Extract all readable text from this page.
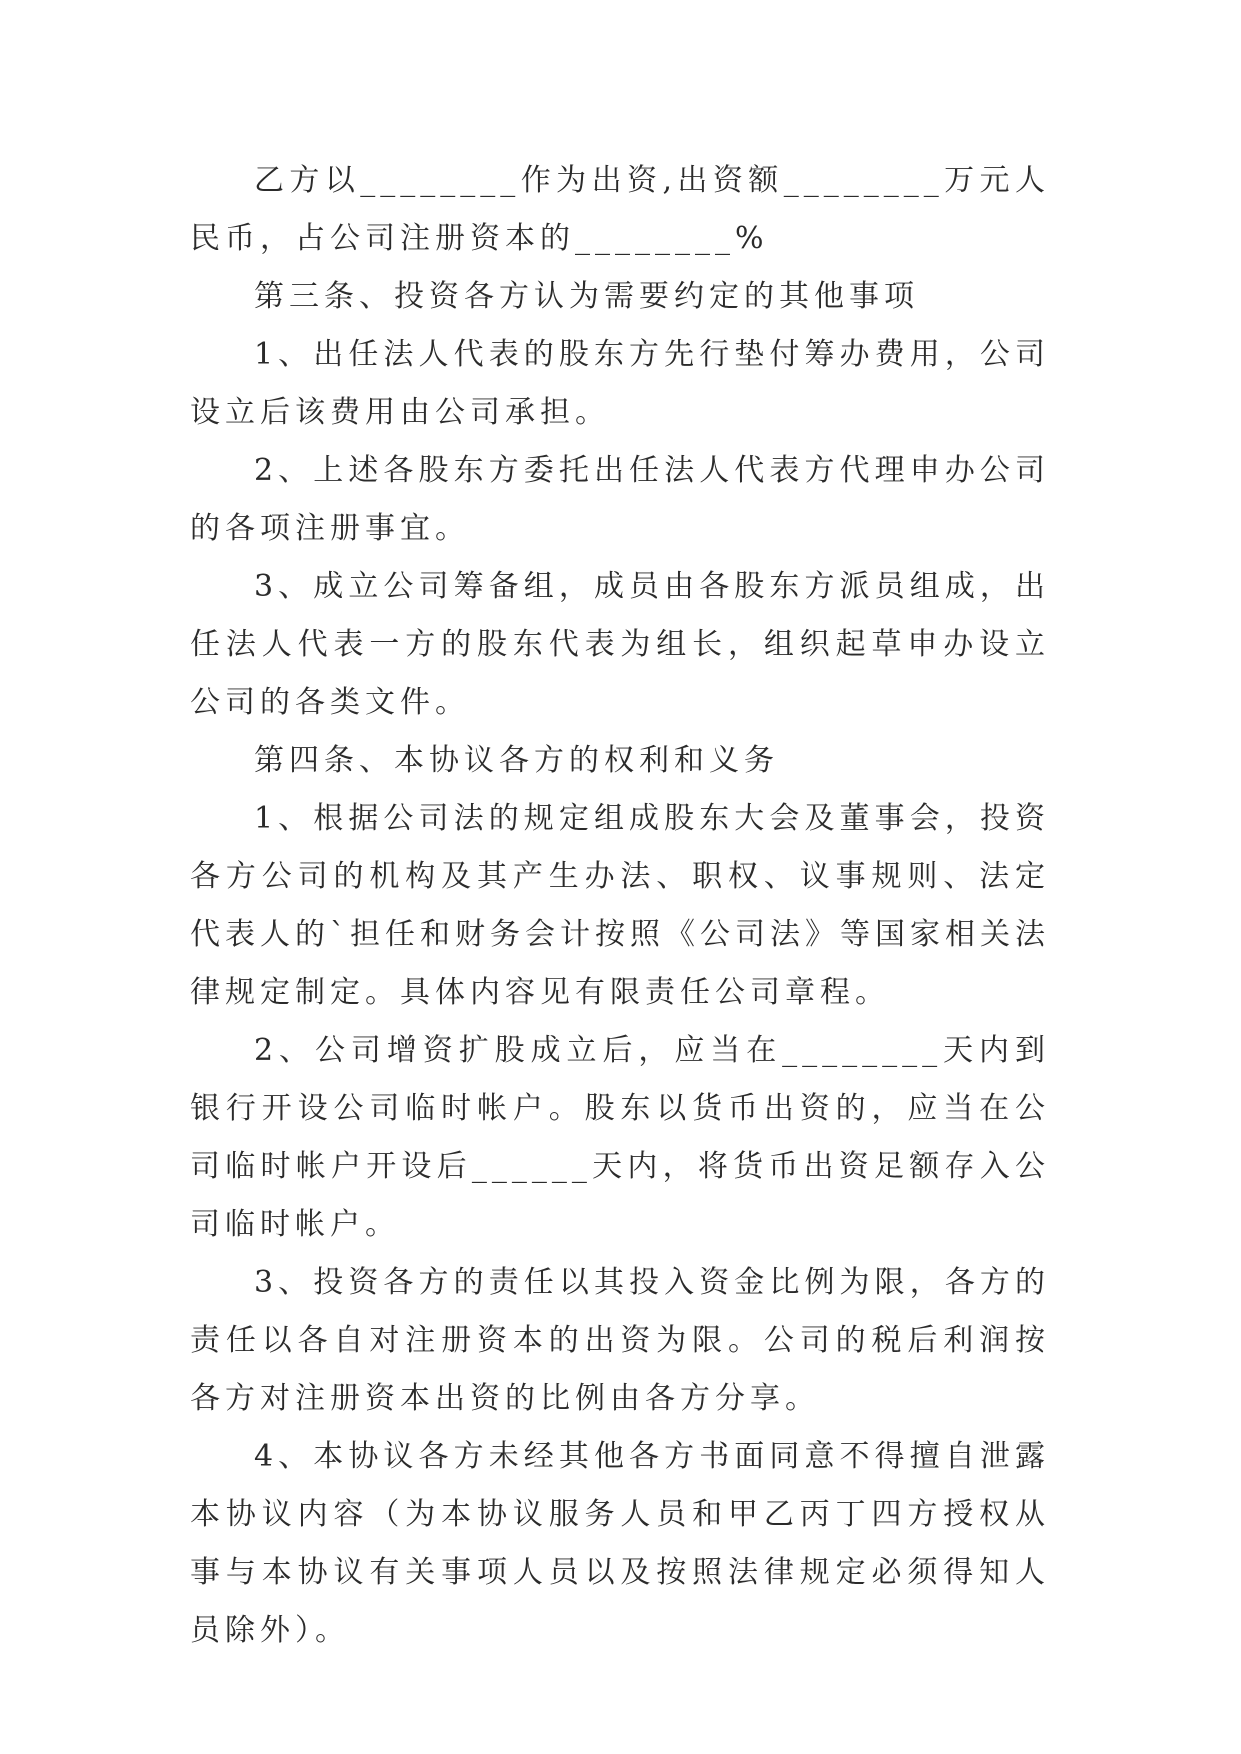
乙方以________作为出资,出资额________万元人民币，占公司注册资本的________%

第三条、投资各方认为需要约定的其他事项

1、出任法人代表的股东方先行垫付筹办费用，公司设立后该费用由公司承担。

2、上述各股东方委托出任法人代表方代理申办公司的各项注册事宜。

3、成立公司筹备组，成员由各股东方派员组成，出任法人代表一方的股东代表为组长，组织起草申办设立公司的各类文件。

第四条、本协议各方的权利和义务

1、根据公司法的规定组成股东大会及董事会，投资各方公司的机构及其产生办法、职权、议事规则、法定代表人的`担任和财务会计按照《公司法》等国家相关法律规定制定。具体内容见有限责任公司章程。

2、公司增资扩股成立后，应当在________天内到银行开设公司临时帐户。股东以货币出资的，应当在公司临时帐户开设后______天内，将货币出资足额存入公司临时帐户。

3、投资各方的责任以其投入资金比例为限，各方的责任以各自对注册资本的出资为限。公司的税后利润按各方对注册资本出资的比例由各方分享。

4、本协议各方未经其他各方书面同意不得擅自泄露本协议内容（为本协议服务人员和甲乙丙丁四方授权从事与本协议有关事项人员以及按照法律规定必须得知人员除外）。
